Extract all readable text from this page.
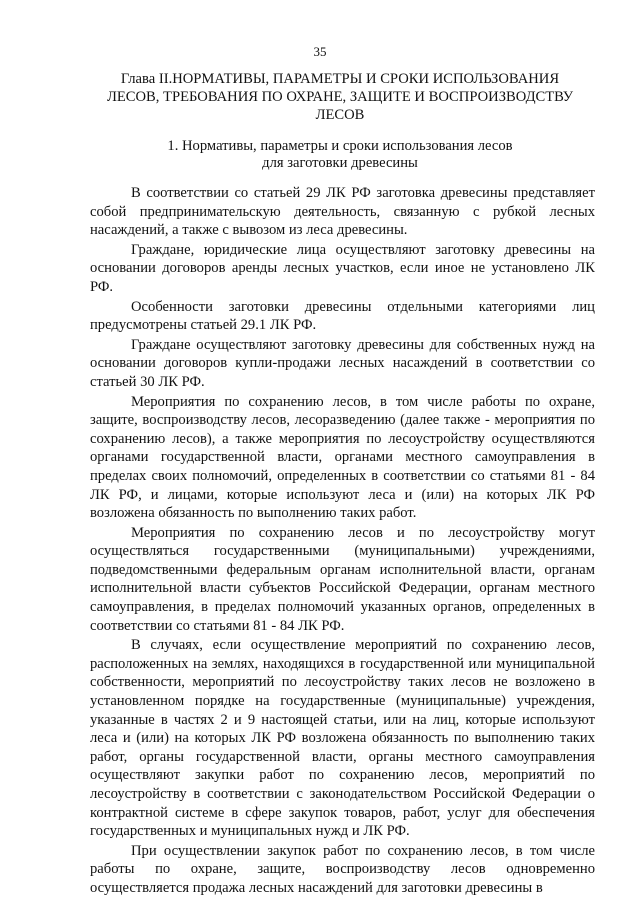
35
Глава II.НОРМАТИВЫ, ПАРАМЕТРЫ И СРОКИ ИСПОЛЬЗОВАНИЯ
ЛЕСОВ, ТРЕБОВАНИЯ ПО ОХРАНЕ, ЗАЩИТЕ И ВОСПРОИЗВОДСТВУ
ЛЕСОВ
1. Нормативы, параметры и сроки использования лесов
для заготовки древесины

В соответствии со статьей 29 ЛК РФ заготовка древесины представляет собой предпринимательскую деятельность, связанную с рубкой лесных насаждений, а также с вывозом из леса древесины.

Граждане, юридические лица осуществляют заготовку древесины на основании договоров аренды лесных участков, если иное не установлено ЛК РФ.

Особенности заготовки древесины отдельными категориями лиц предусмотрены статьей 29.1 ЛК РФ.

Граждане осуществляют заготовку древесины для собственных нужд на основании договоров купли-продажи лесных насаждений в соответствии со статьей 30 ЛК РФ.

Мероприятия по сохранению лесов, в том числе работы по охране, защите, воспроизводству лесов, лесоразведению (далее также - мероприятия по сохранению лесов), а также мероприятия по лесоустройству осуществляются органами государственной власти, органами местного самоуправления в пределах своих полномочий, определенных в соответствии со статьями 81 - 84 ЛК РФ, и лицами, которые используют леса и (или) на которых ЛК РФ возложена обязанность по выполнению таких работ.

Мероприятия по сохранению лесов и по лесоустройству могут осуществляться государственными (муниципальными) учреждениями, подведомственными федеральным органам исполнительной власти, органам исполнительной власти субъектов Российской Федерации, органам местного самоуправления, в пределах полномочий указанных органов, определенных в соответствии со статьями 81 - 84 ЛК РФ.

В случаях, если осуществление мероприятий по сохранению лесов, расположенных на землях, находящихся в государственной или муниципальной собственности, мероприятий по лесоустройству таких лесов не возложено в установленном порядке на государственные (муниципальные) учреждения, указанные в частях 2 и 9 настоящей статьи, или на лиц, которые используют леса и (или) на которых ЛК РФ возложена обязанность по выполнению таких работ, органы государственной власти, органы местного самоуправления осуществляют закупки работ по сохранению лесов, мероприятий по лесоустройству в соответствии с законодательством Российской Федерации о контрактной системе в сфере закупок товаров, работ, услуг для обеспечения государственных и муниципальных нужд и ЛК РФ.

При осуществлении закупок работ по сохранению лесов, в том числе работы по охране, защите, воспроизводству лесов одновременно осуществляется продажа лесных насаждений для заготовки древесины в
